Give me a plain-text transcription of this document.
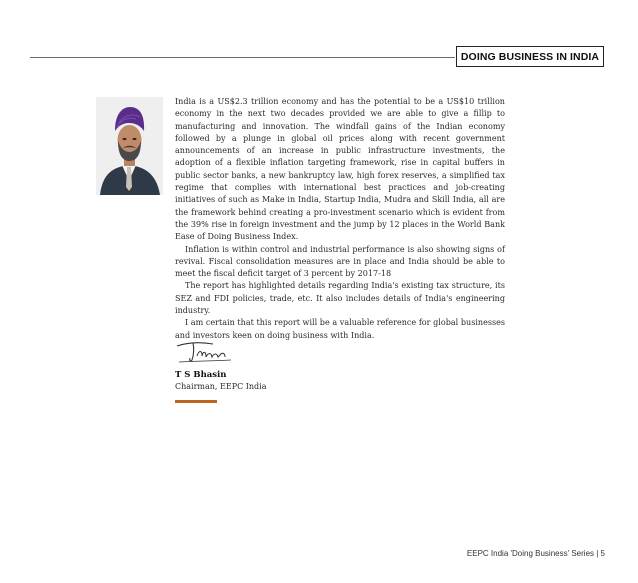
DOING BUSINESS IN INDIA

India is a US$2.3 trillion economy and has the potential to be a US$10 trillion economy in the next two decades provided we are able to give a fillip to manufacturing and innovation. The windfall gains of the Indian economy followed by a plunge in global oil prices along with recent government announcements of an increase in public infrastructure investments, the adoption of a flexible inflation targeting framework, rise in capital buffers in public sector banks, a new bankruptcy law, high forex reserves, a simplified tax regime that complies with international best practices and job-creating initiatives of such as Make in India, Startup India, Mudra and Skill India, all are the framework behind creating a pro-investment scenario which is evident from the 39% rise in foreign investment and the jump by 12 places in the World Bank Ease of Doing Business Index.

Inflation is within control and industrial performance is also showing signs of revival. Fiscal consolidation measures are in place and India should be able to meet the fiscal deficit target of 3 percent by 2017-18

The report has highlighted details regarding India's existing tax structure, its SEZ and FDI policies, trade, etc. It also includes details of India's engineering industry.

I am certain that this report will be a valuable reference for global businesses and investors keen on doing business with India.

T S Bhasin
Chairman, EEPC India
EEPC India 'Doing Business' Series | 5
